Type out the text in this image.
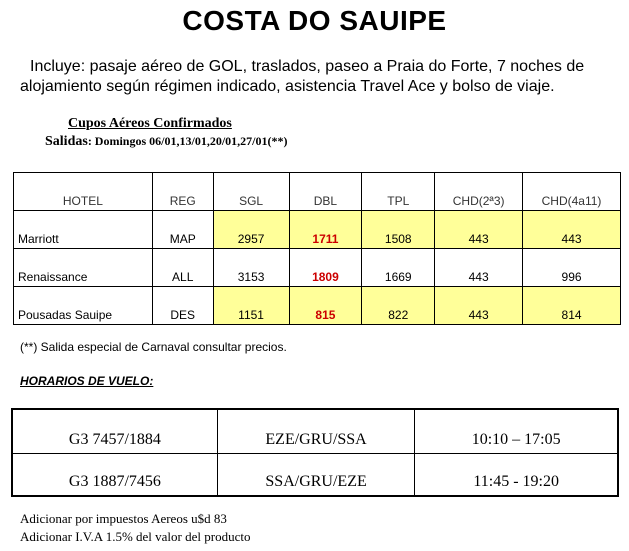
COSTA DO SAUIPE
Incluye: pasaje aéreo de GOL, traslados, paseo a Praia do Forte, 7 noches de alojamiento según régimen indicado, asistencia Travel Ace y bolso de viaje.
Cupos Aéreos Confirmados
Salidas: Domingos 06/01,13/01,20/01,27/01(**)
HOTEL	REG	SGL	DBL	TPL	CHD(2ª3)	CHD(4a11)
Marriott	MAP	2957	1711	1508	443	443
Renaissance	ALL	3153	1809	1669	443	996
Pousadas Sauipe	DES	1151	815	822	443	814
(**) Salida especial de Carnaval consultar precios.
HORARIOS DE VUELO:
G3 7457/1884	EZE/GRU/SSA	10:10 – 17:05
G3 1887/7456	SSA/GRU/EZE	11:45 - 19:20
Adicionar por impuestos Aereos u$d 83
Adicionar I.V.A 1.5% del valor del producto
